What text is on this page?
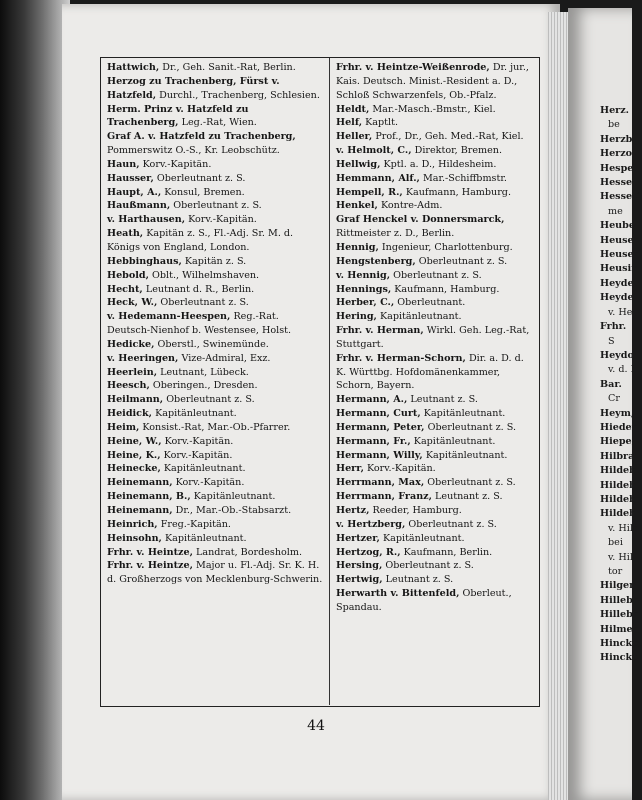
Hattwich, Dr., Geh. Sanit.-Rat, Berlin.

Herzog zu Trachenberg, Fürst v. Hatzfeld, Durchl., Trachenberg, Schlesien.

Herm. Prinz v. Hatzfeld zu Trachenberg, Leg.-Rat, Wien.

Graf A. v. Hatzfeld zu Trachenberg, Pommerswitz O.-S., Kr. Leobschütz.

Haun, Korv.-Kapitän.

Hausser, Oberleutnant z. S.

Haupt, A., Konsul, Bremen.

Haußmann, Oberleutnant z. S.

v. Harthausen, Korv.-Kapitän.

Heath, Kapitän z. S., Fl.-Adj. Sr. M. d. Königs von England, London.

Hebbinghaus, Kapitän z. S.

Hebold, Oblt., Wilhelmshaven.

Hecht, Leutnant d. R., Berlin.

Heck, W., Oberleutnant z. S.

v. Hedemann-Heespen, Reg.-Rat. Deutsch-Nienhof b. Westensee, Holst.

Hedicke, Oberstl., Swinemünde.

v. Heeringen, Vize-Admiral, Exz.

Heerlein, Leutnant, Lübeck.

Heesch, Oberingen., Dresden.

Heilmann, Oberleutnant z. S.

Heidick, Kapitänleutnant.

Heim, Konsist.-Rat, Mar.-Ob.-Pfarrer.

Heine, W., Korv.-Kapitän.

Heine, K., Korv.-Kapitän.

Heinecke, Kapitänleutnant.

Heinemann, Korv.-Kapitän.

Heinemann, B., Kapitänleutnant.

Heinemann, Dr., Mar.-Ob.-Stabsarzt.

Heinrich, Freg.-Kapitän.

Heinsohn, Kapitänleutnant.

Frhr. v. Heintze, Landrat, Bordesholm.

Frhr. v. Heintze, Major u. Fl.-Adj. Sr. K. H. d. Großherzogs von Mecklenburg-Schwerin.

Frhr. v. Heintze-Weißenrode, Dr. jur., Kais. Deutsch. Minist.-Resident a. D., Schloß Schwarzenfels, Ob.-Pfalz.

Heldt, Mar.-Masch.-Bmstr., Kiel.

Helf, Kaptlt.

Heller, Prof., Dr., Geh. Med.-Rat, Kiel.

v. Helmolt, C., Direktor, Bremen.

Hellwig, Kptl. a. D., Hildesheim.

Hemmann, Alf., Mar.-Schiffbmstr.

Hempell, R., Kaufmann, Hamburg.

Henkel, Kontre-Adm.

Graf Henckel v. Donnersmarck, Rittmeister z. D., Berlin.

Hennig, Ingenieur, Charlottenburg.

Hengstenberg, Oberleutnant z. S.

v. Hennig, Oberleutnant z. S.

Hennings, Kaufmann, Hamburg.

Herber, C., Oberleutnant.

Hering, Kapitänleutnant.

Frhr. v. Herman, Wirkl. Geh. Leg.-Rat, Stuttgart.

Frhr. v. Herman-Schorn, Dir. a. D. d. K. Württbg. Hofdomänenkammer, Schorn, Bayern.

Hermann, A., Leutnant z. S.

Hermann, Curt, Kapitänleutnant.

Hermann, Peter, Oberleutnant z. S.

Hermann, Fr., Kapitänleutnant.

Hermann, Willy, Kapitänleutnant.

Herr, Korv.-Kapitän.

Herrmann, Max, Oberleutnant z. S.

Herrmann, Franz, Leutnant z. S.

Hertz, Reeder, Hamburg.

v. Hertzberg, Oberleutnant z. S.

Hertzer, Kapitänleutnant.

Hertzog, R., Kaufmann, Berlin.

Hersing, Oberleutnant z. S.

Hertwig, Leutnant z. S.

Herwarth v. Bittenfeld, Oberleut., Spandau.

44
Herz.
be
Herzb
Herzo
Hespe,
Hesse,
Hesse (
me
Heube
Heuser
Heuser
Heusin
Heyde
Heyde
v. He
Frhr.
S
Heydo
v. d. H
Bar.
Cr
Heym,
Hieder
Hiepe,
Hilbra
Hildeb
Hildeb
Hildeb
Hildeb
v. Hild
bei
v. Hil
tor
Hilgen
Hillebr
Hillebr
Hilmer
Hincke,
Hinckel
